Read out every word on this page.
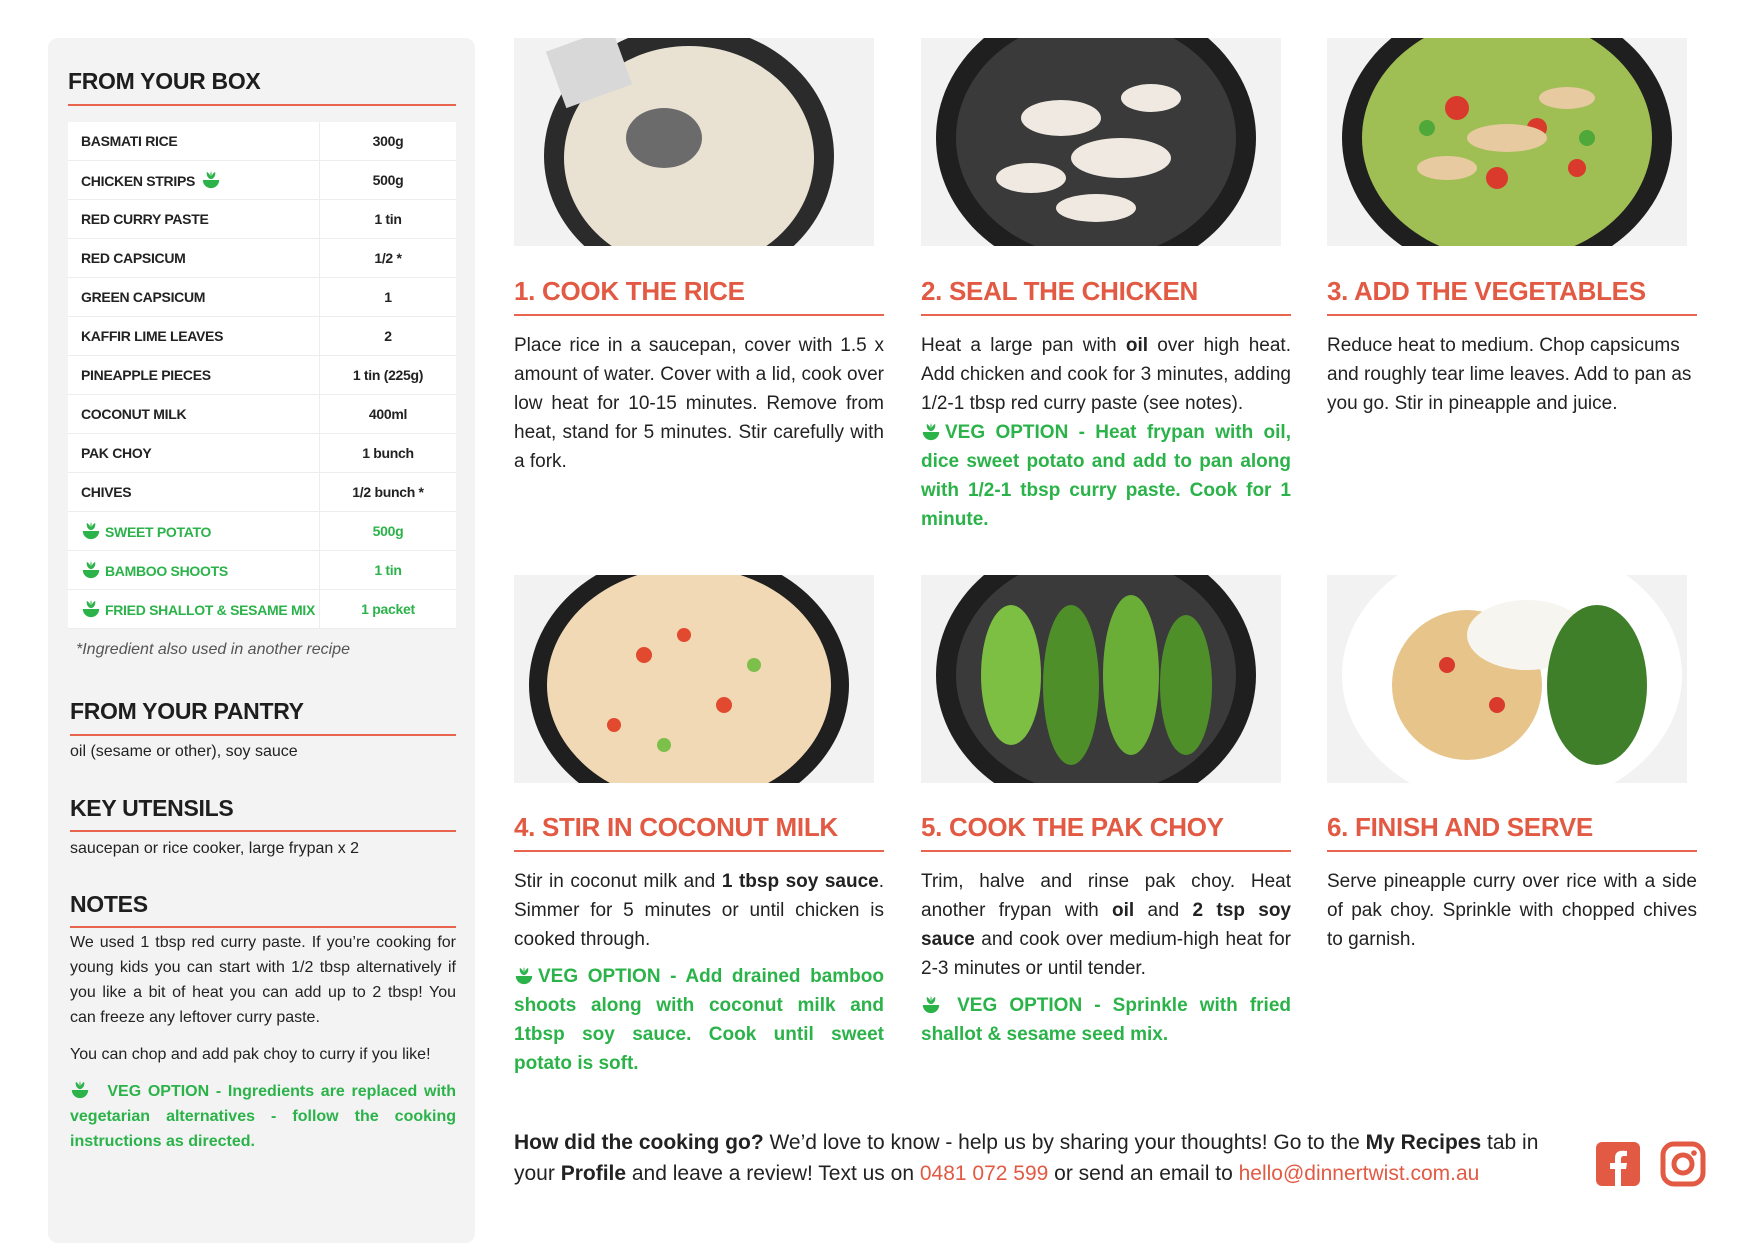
FROM YOUR BOX
BASMATI RICE	300g
CHICKEN STRIPS	500g
RED CURRY PASTE	1 tin
RED CAPSICUM	1/2 *
GREEN CAPSICUM	1
KAFFIR LIME LEAVES	2
PINEAPPLE PIECES	1 tin (225g)
COCONUT MILK	400ml
PAK CHOY	1 bunch
CHIVES	1/2 bunch *
SWEET POTATO	500g
BAMBOO SHOOTS	1 tin
FRIED SHALLOT & SESAME MIX	1 packet
*Ingredient also used in another recipe
FROM YOUR PANTRY
oil (sesame or other), soy sauce
KEY UTENSILS
saucepan or rice cooker, large frypan x 2
NOTES

We used 1 tbsp red curry paste. If you’re cooking for young kids you can start with 1/2 tbsp alternatively if you like a bit of heat you can add up to 2 tbsp! You can freeze any leftover curry paste.

You can chop and add pak choy to curry if you like!

VEG OPTION - Ingredients are replaced with vegetarian alternatives - follow the cooking instructions as directed.

1. COOK THE RICE

Place rice in a saucepan, cover with 1.5 x amount of water. Cover with a lid, cook over low heat for 10-15 minutes. Remove from heat, stand for 5 minutes. Stir carefully with a fork.

2. SEAL THE CHICKEN

Heat a large pan with oil over high heat. Add chicken and cook for 3 minutes, adding 1/2-1 tbsp red curry paste (see notes).

VEG OPTION - Heat frypan with oil, dice sweet potato and add to pan along with 1/2-1 tbsp curry paste. Cook for 1 minute.

3. ADD THE VEGETABLES

Reduce heat to medium. Chop capsicums and roughly tear lime leaves. Add to pan as you go. Stir in pineapple and juice.

4. STIR IN COCONUT MILK

Stir in coconut milk and 1 tbsp soy sauce. Simmer for 5 minutes or until chicken is cooked through.

VEG OPTION - Add drained bamboo shoots along with coconut milk and 1tbsp soy sauce. Cook until sweet potato is soft.

5. COOK THE PAK CHOY

Trim, halve and rinse pak choy. Heat another frypan with oil and 2 tsp soy sauce and cook over medium-high heat for 2-3 minutes or until tender.

VEG OPTION - Sprinkle with fried shallot & sesame seed mix.

6. FINISH AND SERVE

Serve pineapple curry over rice with a side of pak choy. Sprinkle with chopped chives to garnish.

How did the cooking go? We’d love to know - help us by sharing your thoughts! Go to the My Recipes tab in your Profile and leave a review! Text us on 0481 072 599 or send an email to hello@dinnertwist.com.au
